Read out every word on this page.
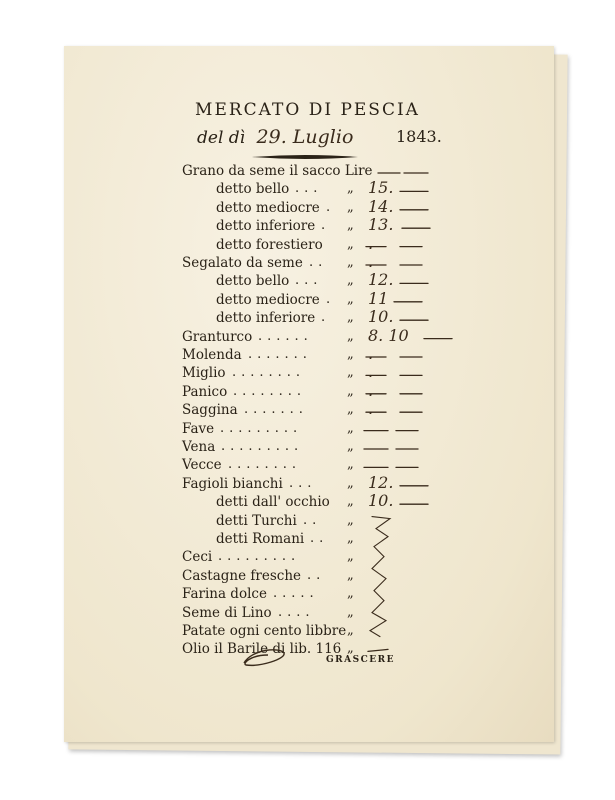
MERCATO DI PESCIA
del dì 29. Luglio	1843.
Grano da seme il sacco Lire
detto bello ... „ 15.
detto mediocre . „ 14.
detto inferiore . „ 13.
detto forestiero „ .
Segalato da seme .. „ .
detto bello ... „ 12.
detto mediocre . „ 11
detto inferiore . „ 10.
Granturco ......	„ 8. 10
Molenda .......	„ .
Miglio ........	„ .
Panico ........	„ .
Saggina .......	„ .
Fave .........	„
Vena .........	„
Vecce ........	„
Fagioli bianchi ... „ 12.
detti dall' occhio „ 10.
detti Turchi .. „
detti Romani .. „
Ceci .........	„
Castagne fresche .. „
Farina dolce ..... „
Seme di Lino .... „
Patate ogni cento libbre „
Olio il Barile di lib. 116 „
GRASCERE
